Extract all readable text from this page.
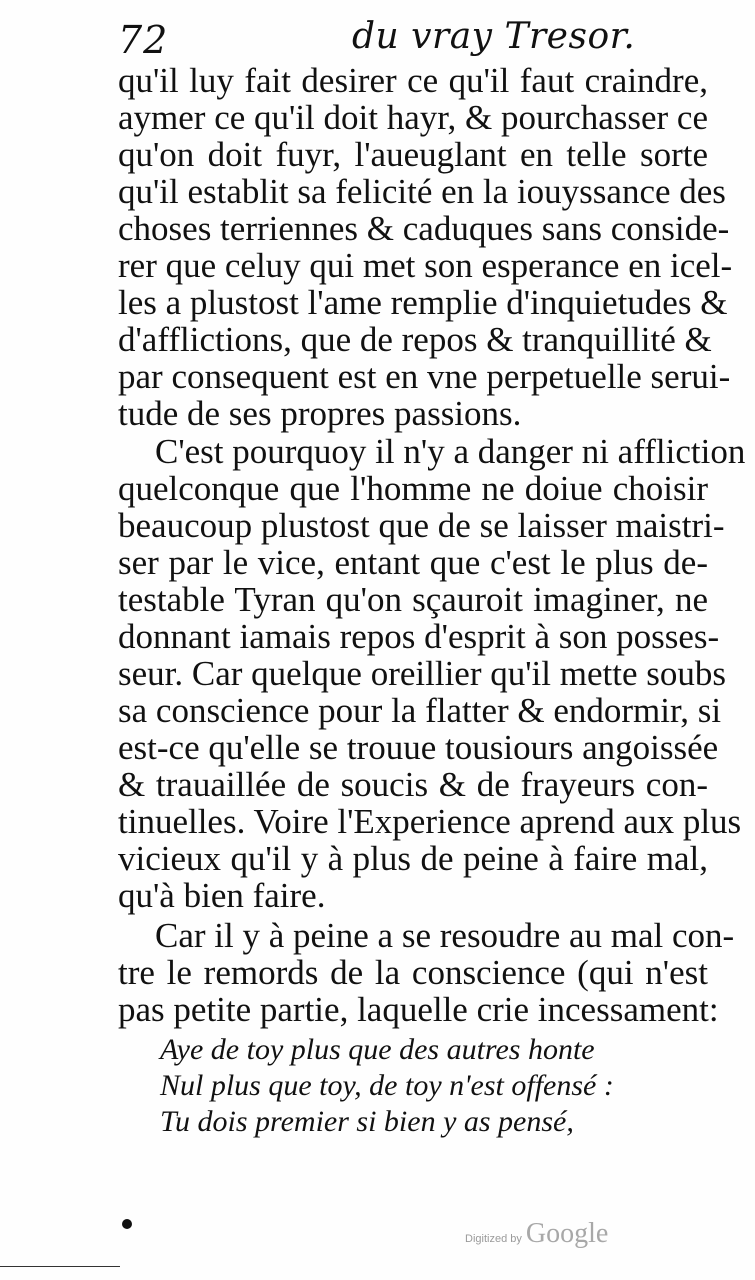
72	du vray Tresor.
qu'il luy fait desirer ce qu'il faut craindre,
aymer ce qu'il doit hayr, & pourchasser ce
qu'on doit fuyr, l'aueuglant en telle sorte
qu'il establit sa felicité en la iouyssance des
choses terriennes & caduques sans conside-
rer que celuy qui met son esperance en icel-
les a plustost l'ame remplie d'inquietudes &
d'afflictions, que de repos & tranquillité &
par consequent est en vne perpetuelle serui-
tude de ses propres passions.
C'est pourquoy il n'y a danger ni affliction
quelconque que l'homme ne doiue choisir
beaucoup plustost que de se laisser maistri-
ser par le vice, entant que c'est le plus de-
testable Tyran qu'on sçauroit imaginer, ne
donnant iamais repos d'esprit à son posses-
seur. Car quelque oreillier qu'il mette soubs
sa conscience pour la flatter & endormir, si
est-ce qu'elle se trouue tousiours angoissée
& trauaillée de soucis & de frayeurs con-
tinuelles. Voire l'Experience aprend aux plus
vicieux qu'il y à plus de peine à faire mal,
qu'à bien faire.
Car il y à peine a se resoudre au mal con-
tre le remords de la conscience (qui n'est
pas petite partie, laquelle crie incessament:
Aye de toy plus que des autres honte
Nul plus que toy, de toy n'est offensé :
Tu dois premier si bien y as pensé,
Digitized by Google
